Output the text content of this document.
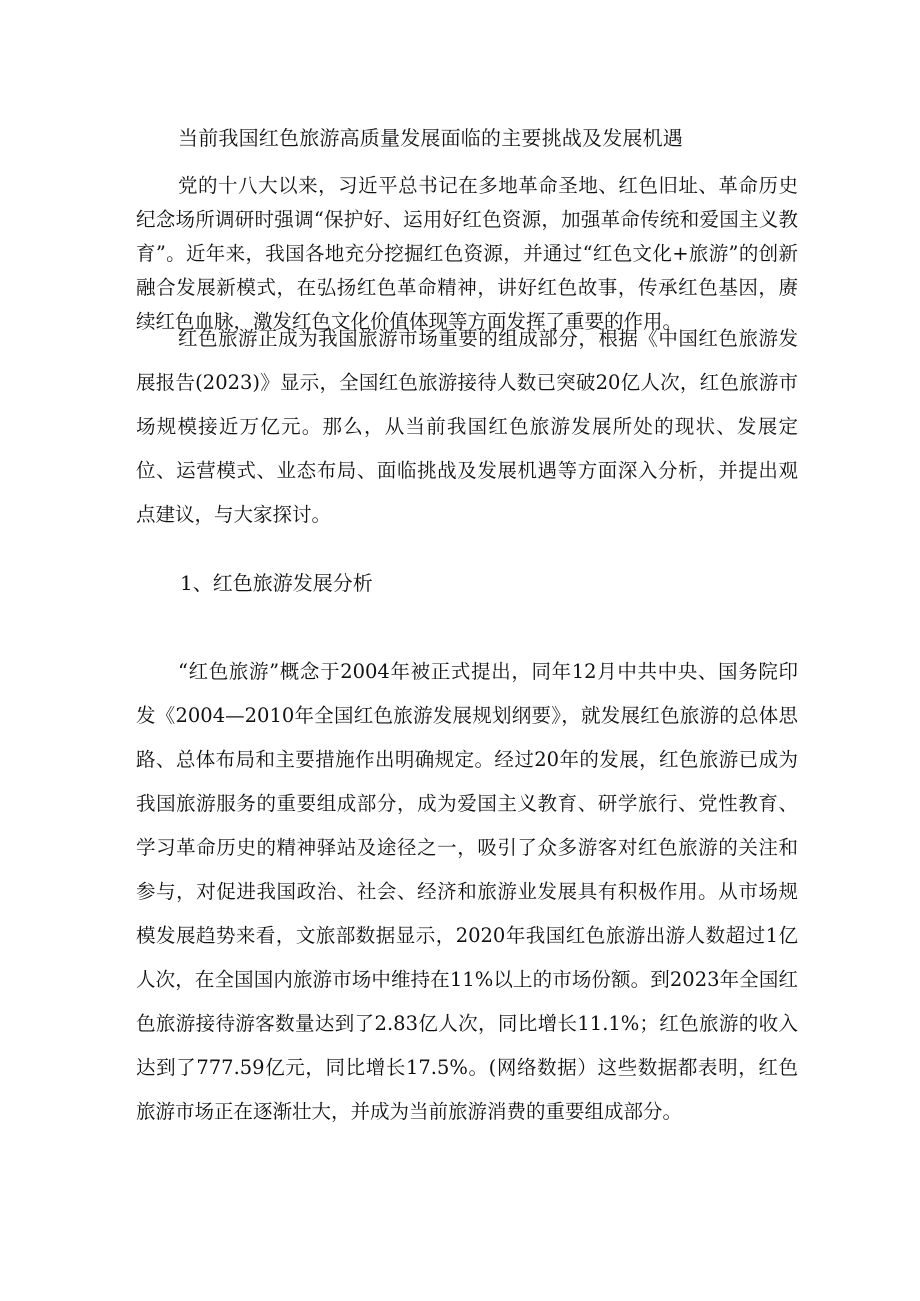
当前我国红色旅游高质量发展面临的主要挑战及发展机遇

党的十八大以来，习近平总书记在多地革命圣地、红色旧址、革命历史纪念场所调研时强调“保护好、运用好红色资源，加强革命传统和爱国主义教育”。近年来，我国各地充分挖掘红色资源，并通过“红色文化+旅游”的创新融合发展新模式，在弘扬红色革命精神，讲好红色故事，传承红色基因，赓续红色血脉，激发红色文化价值体现等方面发挥了重要的作用。

红色旅游正成为我国旅游市场重要的组成部分，根据《中国红色旅游发展报告(2023)》显示，全国红色旅游接待人数已突破20亿人次，红色旅游市场规模接近万亿元。那么，从当前我国红色旅游发展所处的现状、发展定位、运营模式、业态布局、面临挑战及发展机遇等方面深入分析，并提出观点建议，与大家探讨。

1、红色旅游发展分析

“红色旅游”概念于2004年被正式提出，同年12月中共中央、国务院印发《2004—2010年全国红色旅游发展规划纲要》，就发展红色旅游的总体思路、总体布局和主要措施作出明确规定。经过20年的发展，红色旅游已成为我国旅游服务的重要组成部分，成为爱国主义教育、研学旅行、党性教育、学习革命历史的精神驿站及途径之一，吸引了众多游客对红色旅游的关注和参与，对促进我国政治、社会、经济和旅游业发展具有积极作用。从市场规模发展趋势来看，文旅部数据显示，2020年我国红色旅游出游人数超过1亿人次，在全国国内旅游市场中维持在11%以上的市场份额。到2023年全国红色旅游接待游客数量达到了2.83亿人次，同比增长11.1%；红色旅游的收入达到了777.59亿元，同比增长17.5%。(网络数据）这些数据都表明，红色旅游市场正在逐渐壮大，并成为当前旅游消费的重要组成部分。
